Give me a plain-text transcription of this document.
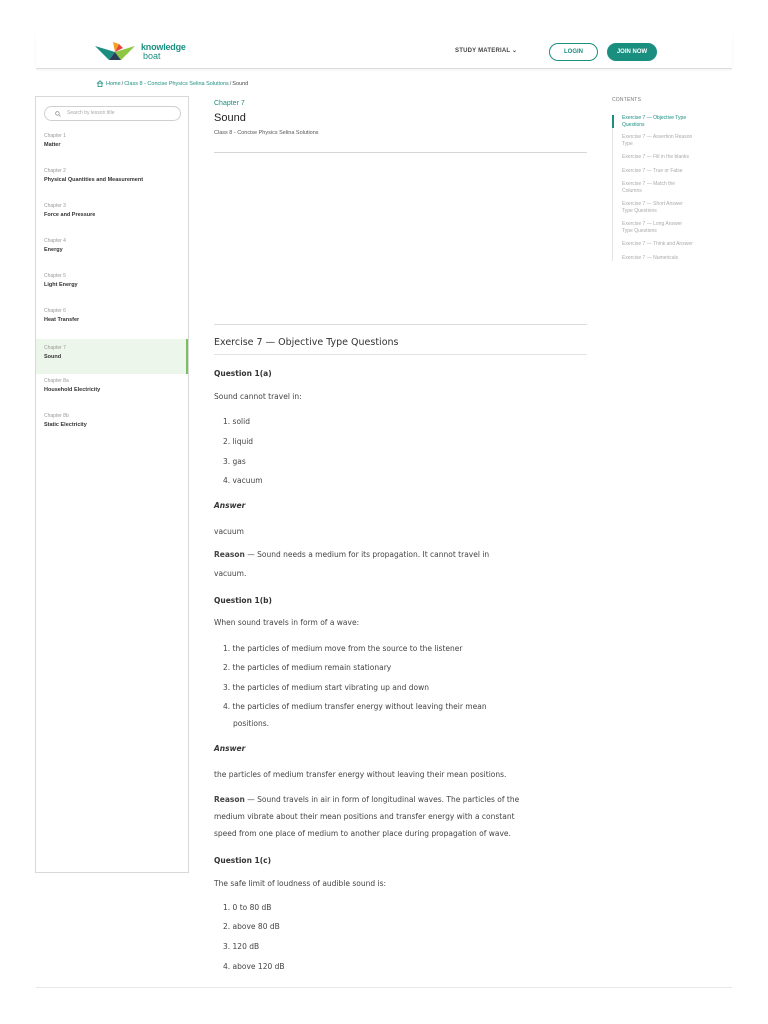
knowledge
boat	STUDY MATERIAL ⌄	LOGIN	JOIN NOW
Home / Class 8 - Concise Physics Selina Solutions / Sound
Search by lesson title
Chapter 1
Matter
Chapter 2
Physical Quantities and Measurement
Chapter 3
Force and Pressure
Chapter 4
Energy
Chapter 5
Light Energy
Chapter 6
Heat Transfer
Chapter 7
Sound
Chapter 8a
Household Electricity
Chapter 8b
Static Electricity
Chapter 7
Sound
Class 8 - Concise Physics Selina Solutions
CONTENTS
Exercise 7 — Objective Type
Questions
Exercise 7 — Assertion Reason
Type
Exercise 7 — Fill in the blanks
Exercise 7 — True or False
Exercise 7 — Match the
Columns
Exercise 7 — Short Answer
Type Questions
Exercise 7 — Long Answer
Type Questions
Exercise 7 — Think and Answer
Exercise 7 — Numericals
Exercise 7 — Objective Type Questions
Question 1(a)
Sound cannot travel in:
1. solid
2. liquid
3. gas
4. vacuum
Answer
vacuum
Reason — Sound needs a medium for its propagation. It cannot travel in
vacuum.
Question 1(b)
When sound travels in form of a wave:
1. the particles of medium move from the source to the listener
2. the particles of medium remain stationary
3. the particles of medium start vibrating up and down
4. the particles of medium transfer energy without leaving their mean
positions.
Answer
the particles of medium transfer energy without leaving their mean positions.
Reason — Sound travels in air in form of longitudinal waves. The particles of the
medium vibrate about their mean positions and transfer energy with a constant
speed from one place of medium to another place during propagation of wave.
Question 1(c)
The safe limit of loudness of audible sound is:
1. 0 to 80 dB
2. above 80 dB
3. 120 dB
4. above 120 dB
